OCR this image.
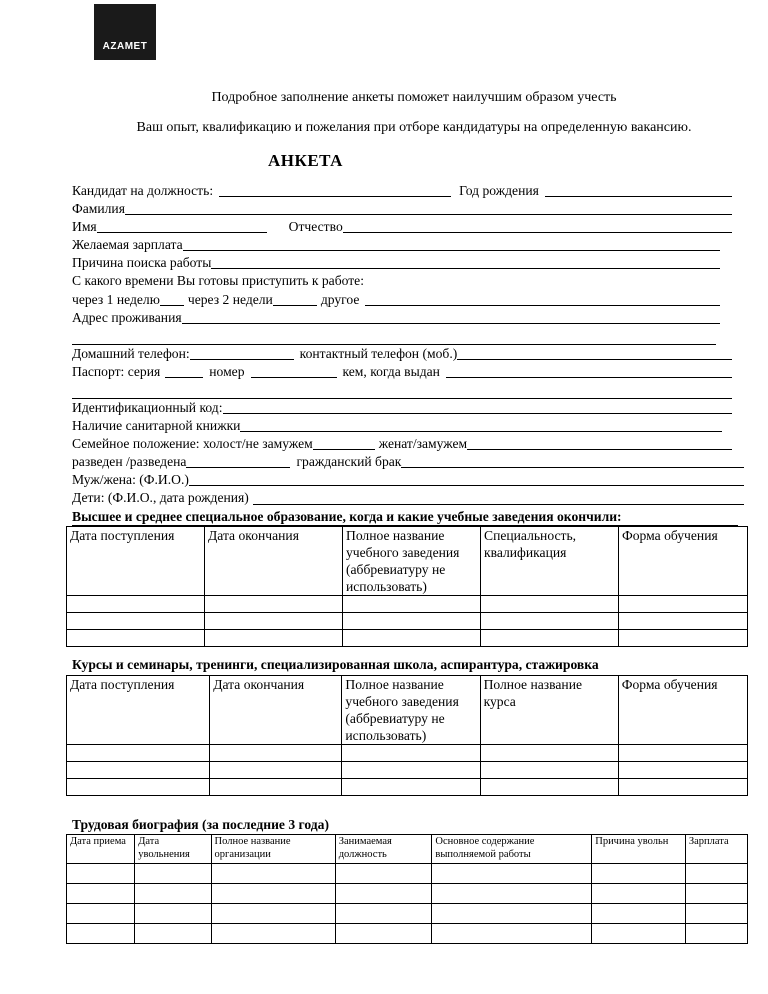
AZAMET
Подробное заполнение анкеты поможет наилучшим образом учесть
Ваш опыт, квалификацию и пожелания при отборе кандидатуры на определенную вакансию.
АНКЕТА
Кандидат на должность:	Год рождения
Фамилия
Имя	Отчество
Желаемая зарплата
Причина поиска работы
С какого времени Вы готовы приступить к работе:
через 1 неделю через 2 недели	другое
Адрес проживания
Домашний телефон:	контактный телефон (моб.)
Паспорт: серия	номер	кем, когда выдан
Идентификационный код:
Наличие санитарной книжки
Семейное положение: холост/не замужем	женат/замужем
разведен /разведена	гражданский брак
Муж/жена: (Ф.И.О.)
Дети: (Ф.И.О., дата рождения)
Высшее и среднее специальное образование, когда и какие учебные заведения окончили:
Дата поступления	Дата окончания	Полное название учебного заведения (аббревиатуру не использовать)	Специальность, квалификация	Форма обучения

Курсы и семинары, тренинги, специализированная школа, аспирантура, стажировка
Дата поступления	Дата окончания	Полное название учебного заведения (аббревиатуру не использовать)	Полное название курса	Форма обучения

Трудовая биография (за последние 3 года)
Дата приема	Дата увольнения	Полное название организации	Занимаемая должность	Основное содержание выполняемой работы	Причина увольн	Зарплата
